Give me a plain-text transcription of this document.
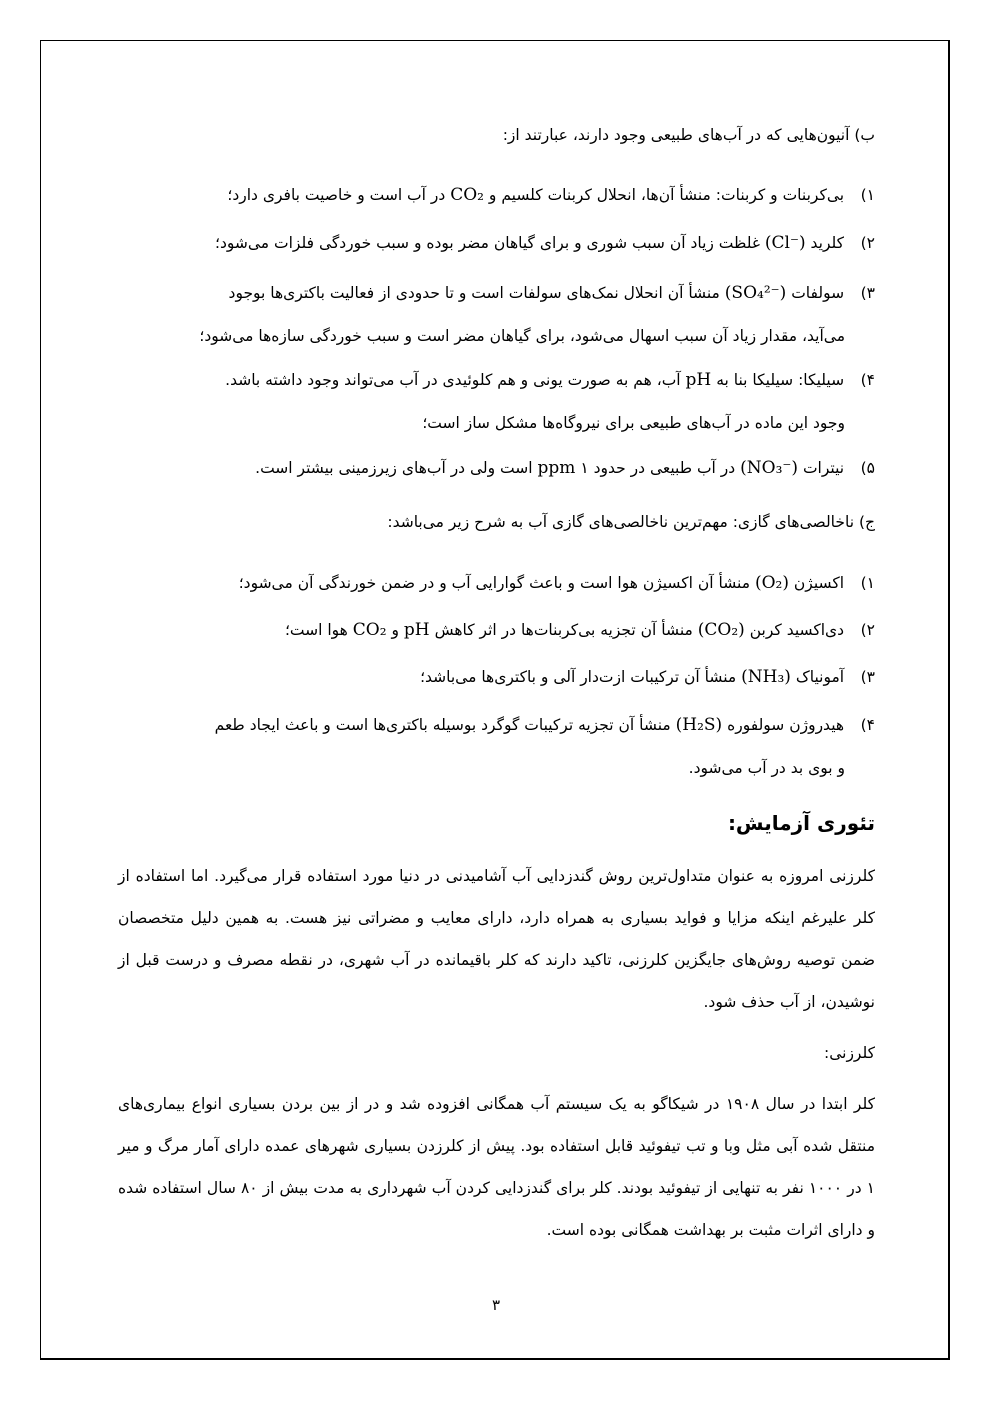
ب) آنیون‌هایی که در آب‌های طبیعی وجود دارند، عبارتند از:
۱) بی‌کربنات و کربنات: منشأ آن‌ها، انحلال کربنات کلسیم و CO₂ در آب است و خاصیت بافری دارد؛
۲) کلرید (Cl⁻) غلظت زیاد آن سبب شوری و برای گیاهان مضر بوده و سبب خوردگی فلزات می‌شود؛
۳) سولفات (SO₄²⁻) منشأ آن انحلال نمک‌های سولفات است و تا حدودی از فعالیت باکتری‌ها بوجود
می‌آید، مقدار زیاد آن سبب اسهال می‌شود، برای گیاهان مضر است و سبب خوردگی سازه‌ها می‌شود؛
۴) سیلیکا: سیلیکا بنا به pH آب، هم به صورت یونی و هم کلوئیدی در آب می‌تواند وجود داشته باشد.
وجود این ماده در آب‌های طبیعی برای نیروگاه‌ها مشکل ساز است؛
۵) نیترات (NO₃⁻) در آب طبیعی در حدود ppm ۱ است ولی در آب‌های زیرزمینی بیشتر است.
ج) ناخالصی‌های گازی: مهم‌ترین ناخالصی‌های گازی آب به شرح زیر می‌باشد:
۱) اکسیژن (O₂) منشأ آن اکسیژن هوا است و باعث گوارایی آب و در ضمن خورندگی آن می‌شود؛
۲) دی‌اکسید کربن (CO₂) منشأ آن تجزیه بی‌کربنات‌ها در اثر کاهش pH و CO₂ هوا است؛
۳) آمونیاک (NH₃) منشأ آن ترکیبات ازت‌دار آلی و باکتری‌ها می‌باشد؛
۴) هیدروژن سولفوره (H₂S) منشأ آن تجزیه ترکیبات گوگرد بوسیله باکتری‌ها است و باعث ایجاد طعم
و بوی بد در آب می‌شود.
تئوری آزمایش:
کلرزنی امروزه به عنوان متداول‌ترین روش گندزدایی آب آشامیدنی در دنیا مورد استفاده قرار می‌گیرد. اما استفاده از کلر علیرغم اینکه مزایا و فواید بسیاری به همراه دارد، دارای معایب و مضراتی نیز هست. به همین دلیل متخصصان ضمن توصیه روش‌های جایگزین کلرزنی، تاکید دارند که کلر باقیمانده در آب شهری، در نقطه مصرف و درست قبل از نوشیدن، از آب حذف شود.
کلرزنی:
کلر ابتدا در سال ۱۹۰۸ در شیکاگو به یک سیستم آب همگانی افزوده شد و در از بین بردن بسیاری انواع بیماری‌های منتقل شده آبی مثل وبا و تب تیفوئید قابل استفاده بود. پیش از کلرزدن بسیاری شهرهای عمده دارای آمار مرگ و میر ۱ در ۱۰۰۰ نفر به تنهایی از تیفوئید بودند. کلر برای گندزدایی کردن آب شهرداری به مدت بیش از ۸۰ سال استفاده شده و دارای اثرات مثبت بر بهداشت همگانی بوده است.
۳
